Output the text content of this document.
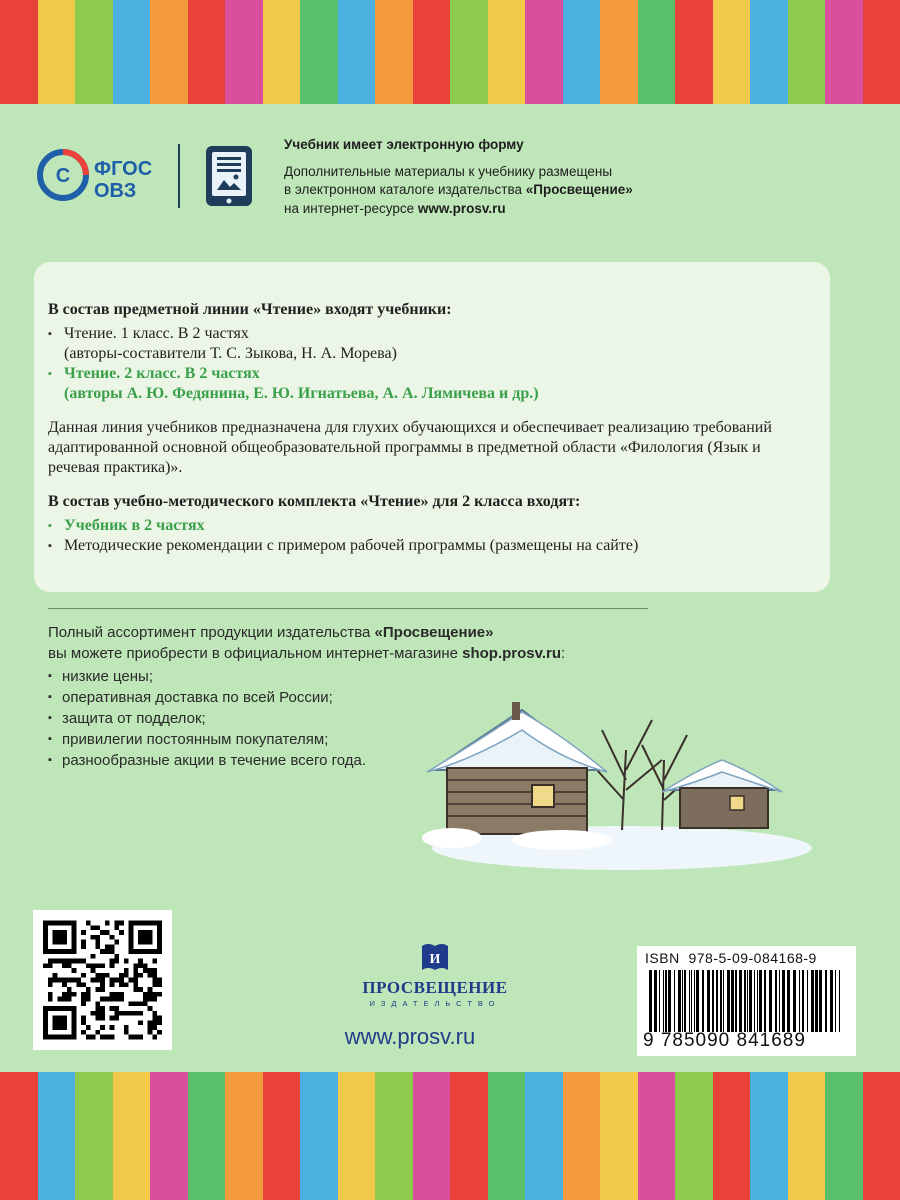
С ФГОС
ОВЗ
Учебник имеет электронную форму
Дополнительные материалы к учебнику размещены
в электронном каталоге издательства «Просвещение»
на интернет-ресурсе www.prosv.ru
В состав предметной линии «Чтение» входят учебники:
▪ Чтение. 1 класс. В 2 частях
(авторы-составители Т. С. Зыкова, Н. А. Морева)
▪ Чтение. 2 класс. В 2 частях
(авторы А. Ю. Федянина, Е. Ю. Игнатьева, А. А. Лямичева и др.)

Данная линия учебников предназначена для глухих обучающихся и обеспечивает реализацию требований адаптированной основной общеобразовательной программы в предметной области «Филология (Язык и речевая практика)».

В состав учебно-методического комплекта «Чтение» для 2 класса входят:
▪ Учебник в 2 частях
▪ Методические рекомендации с примером рабочей программы (размещены на сайте)
Полный ассортимент продукции издательства «Просвещение»
вы можете приобрести в официальном интернет-магазине shop.prosv.ru:
▪ низкие цены;
▪ оперативная доставка по всей России;
▪ защита от подделок;
▪ привилегии постоянным покупателям;
▪ разнообразные акции в течение всего года.
И
ПРОСВЕЩЕНИЕ
ИЗДАТЕЛЬСТВО
www.prosv.ru
ISBN 978-5-09-084168-9
9 785090 841689
